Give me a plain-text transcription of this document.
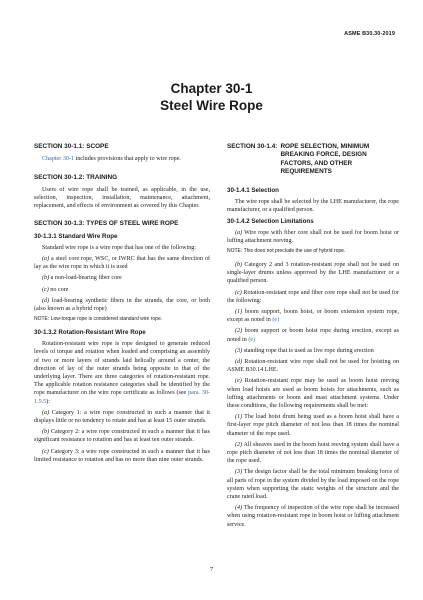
ASME B30.30-2019
Chapter 30-1
Steel Wire Rope
SECTION 30-1.1: SCOPE

Chapter 30-1 includes provisions that apply to wire rope.

SECTION 30-1.2: TRAINING

Users of wire rope shall be trained, as applicable, in the use, selection, inspection, installation, maintenance, attachment, replacement, and effects of environment as covered by this Chapter.

SECTION 30-1.3: TYPES OF STEEL WIRE ROPE
30-1.3.1 Standard Wire Rope

Standard wire rope is a wire rope that has one of the following:

(a) a steel core rope, WSC, or IWRC that has the same direction of lay as the wire rope in which it is used

(b) a non-load-bearing fiber core

(c) no core

(d) load-bearing synthetic fibers in the strands, the core, or both (also known as a hybrid rope)

NOTE: Low-torque rope is considered standard wire rope.

30-1.3.2 Rotation-Resistant Wire Rope

Rotation-resistant wire rope is rope designed to generate reduced levels of torque and rotation when loaded and comprising an assembly of two or more layers of strands laid helically around a center, the direction of lay of the outer strands being opposite to that of the underlying layer. There are three categories of rotation-resistant rope. The applicable rotation resistance categories shall be identified by the rope manufacturer on the wire rope certificate as follows (see para. 30-1.5.5):

(a) Category 1: a wire rope constructed in such a manner that it displays little or no tendency to rotate and has at least 15 outer strands.

(b) Category 2: a wire rope constructed in such a manner that it has significant resistance to rotation and has at least ten outer strands.

(c) Category 3: a wire rope constructed in such a manner that it has limited resistance to rotation and has no more than nine outer strands.

SECTION 30-1.4: ROPE SELECTION, MINIMUM BREAKING FORCE, DESIGN FACTORS, AND OTHER REQUIREMENTS
30-1.4.1 Selection

The wire rope shall be selected by the LHE manufacturer, the rope manufacturer, or a qualified person.

30-1.4.2 Selection Limitations

(a) Wire rope with fiber core shall not be used for boom hoist or luffing attachment reeving.

NOTE: This does not preclude the use of hybrid rope.

(b) Category 2 and 3 rotation-resistant rope shall not be used on single-layer drums unless approved by the LHE manufacturer or a qualified person.

(c) Rotation-resistant rope and fiber core rope shall not be used for the following:

(1) boom support, boom hoist, or boom extension system rope, except as noted in (e)

(2) boom support or boom hoist rope during erection, except as noted in (e)

(3) standing rope that is used as live rope during erection

(d) Rotation-resistant wire rope shall not be used for hoisting on ASME B30.14 LHE.

(e) Rotation-resistant rope may be used as boom hoist reeving when load hoists are used as boom hoists for attachments, such as luffing attachments or boom and mast attachment systems. Under these conditions, the following requirements shall be met:

(1) The load hoist drum being used as a boom hoist shall have a first-layer rope pitch diameter of not less than 18 times the nominal diameter of the rope used.

(2) All sheaves used in the boom hoist reeving system shall have a rope pitch diameter of not less than 18 times the nominal diameter of the rope used.

(3) The design factor shall be the total minimum breaking force of all parts of rope in the system divided by the load imposed on the rope system when supporting the static weights of the structure and the crane rated load.

(4) The frequency of inspection of the wire rope shall be increased when using rotation-resistant rope in boom hoist or luffing attachment service.

7
